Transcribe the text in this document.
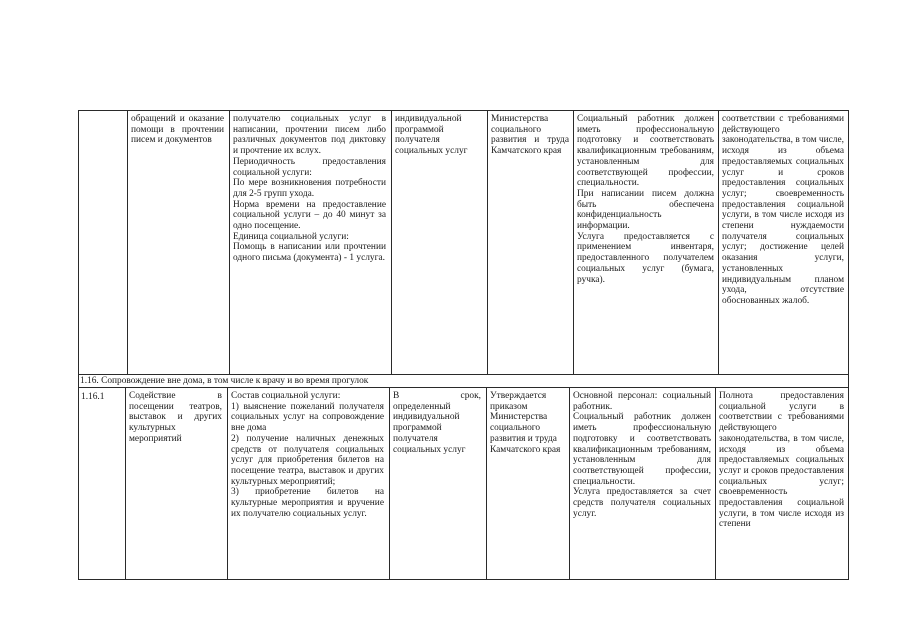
обращений и оказание помощи в прочтении писем и документов

получателю социальных услуг в написании, прочтении писем либо различных документов под диктовку и прочтение их вслух.

Периодичность предоставления социальной услуги:

По мере возникновения потребности для 2-5 групп ухода.

Норма времени на предоставление социальной услуги – до 40 минут за одно посещение.

Единица социальной услуги:

Помощь в написании или прочтении одного письма (документа) - 1 услуга.

индивидуальной программой получателя социальных услуг

Министерства социального развития и труда Камчатского края

Социальный работник должен иметь профессиональную подготовку и соответствовать квалификационным требованиям, установленным для соответствующей профессии, специальности.

При написании писем должна быть обеспечена конфиденциальность информации.

Услуга предоставляется с применением инвентаря, предоставленного получателем социальных услуг (бумага, ручка).

соответствии с требованиями действующего законодательства, в том числе, исходя из объема предоставляемых социальных услуг и сроков предоставления социальных услуг; своевременность предоставления социальной услуги, в том числе исходя из степени нуждаемости получателя социальных услуг; достижение целей оказания услуги, установленных индивидуальным планом ухода, отсутствие обоснованных жалоб.

1.16. Сопровождение вне дома, в том числе к врачу и во время прогулок
1.16.1	Содействие в посещении театров, выставок и других культурных мероприятий

Состав социальной услуги:

1) выяснение пожеланий получателя социальных услуг на сопровождение вне дома

2) получение наличных денежных средств от получателя социальных услуг для приобретения билетов на посещение театра, выставок и других культурных мероприятий;

3) приобретение билетов на культурные мероприятия и вручение их получателю социальных услуг.

В срок, определенный индивидуальной программой получателя социальных услуг

Утверждается приказом Министерства социального развития и труда Камчатского края

Основной персонал: социальный работник.

Социальный работник должен иметь профессиональную подготовку и соответствовать квалификационным требованиям, установленным для соответствующей профессии, специальности.

Услуга предоставляется за счет средств получателя социальных услуг.

Полнота предоставления социальной услуги в соответствии с требованиями действующего законодательства, в том числе, исходя из объема предоставляемых социальных услуг и сроков предоставления социальных услуг; своевременность предоставления социальной услуги, в том числе исходя из степени
